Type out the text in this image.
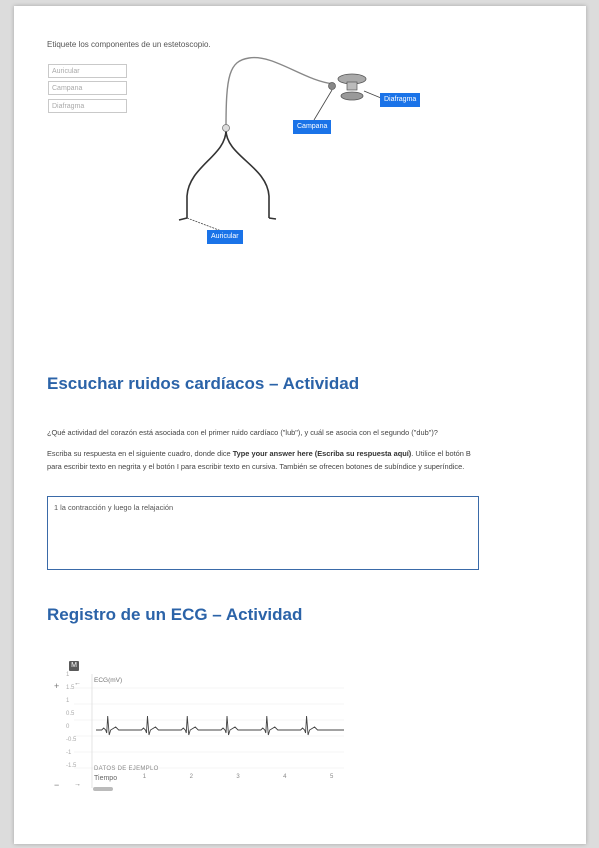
Etiquete los componentes de un estetoscopio.
Auricular
Campana
Diafragma
Diafragma
Campana
Auricular
Escuchar ruidos cardíacos – Actividad
¿Qué actividad del corazón está asociada con el primer ruido cardíaco ("lub"), y cuál se asocia con el segundo ("dub")?
Escriba su respuesta en el siguiente cuadro, donde dice Type your answer here (Escriba su respuesta aquí). Utilice el botón B para escribir texto en negrita y el botón I para escribir texto en cursiva. También se ofrecen botones de subíndice y superíndice.
1 la contracción y luego la relajación
Registro de un ECG – Actividad
M
+
−
←
→
ECG(mV)
DATOS DE EJEMPLO
Tiempo
1
1.5
1
0.5
0
-0.5
-1
-1.5
1	2	3	4	5
